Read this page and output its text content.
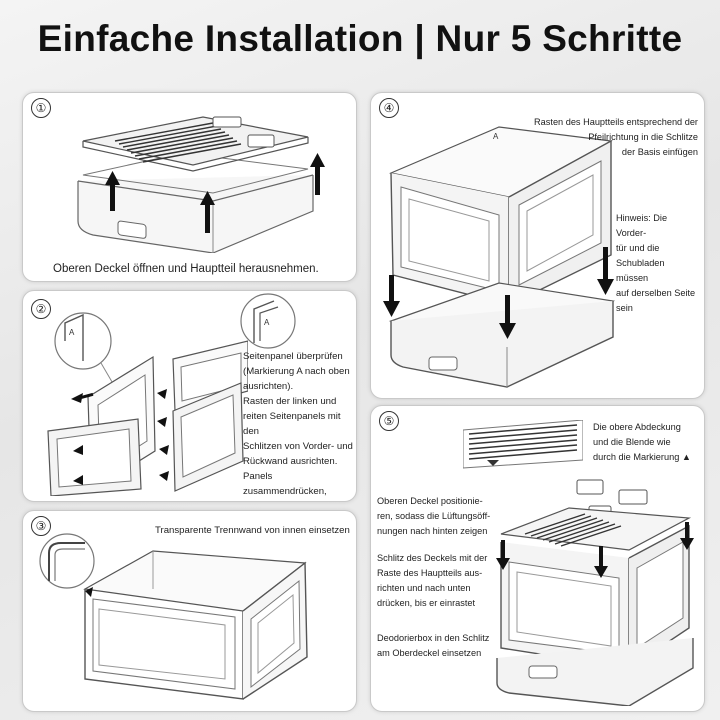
Einfache Installation | Nur 5 Schritte
①
Oberen Deckel öffnen und Hauptteil herausnehmen.
②
A
A
Seitenpanel überprüfen
(Markierung A nach oben
ausrichten).
Rasten der linken und
reiten Seitenpanels mit den
Schlitzen von Vorder- und
Rückwand ausrichten.
Panels zusammendrücken,
③	Transparente Trennwand von innen einsetzen
④
A
Rasten des Hauptteils entsprechend der
Pfeilrichtung in die Schlitze
der Basis einfügen
Hinweis: Die Vorder-
tür und die
Schubladen müssen
auf derselben Seite
sein
⑤	Die obere Abdeckung
und die Blende wie
durch die Markierung ▲
Oberen Deckel positionie-
ren, sodass die Lüftungsöff-
nungen nach hinten zeigen
Schlitz des Deckels mit der
Raste des Hauptteils aus-
richten und nach unten
drücken, bis er einrastet
Deodorierbox in den Schlitz
am Oberdeckel einsetzen
